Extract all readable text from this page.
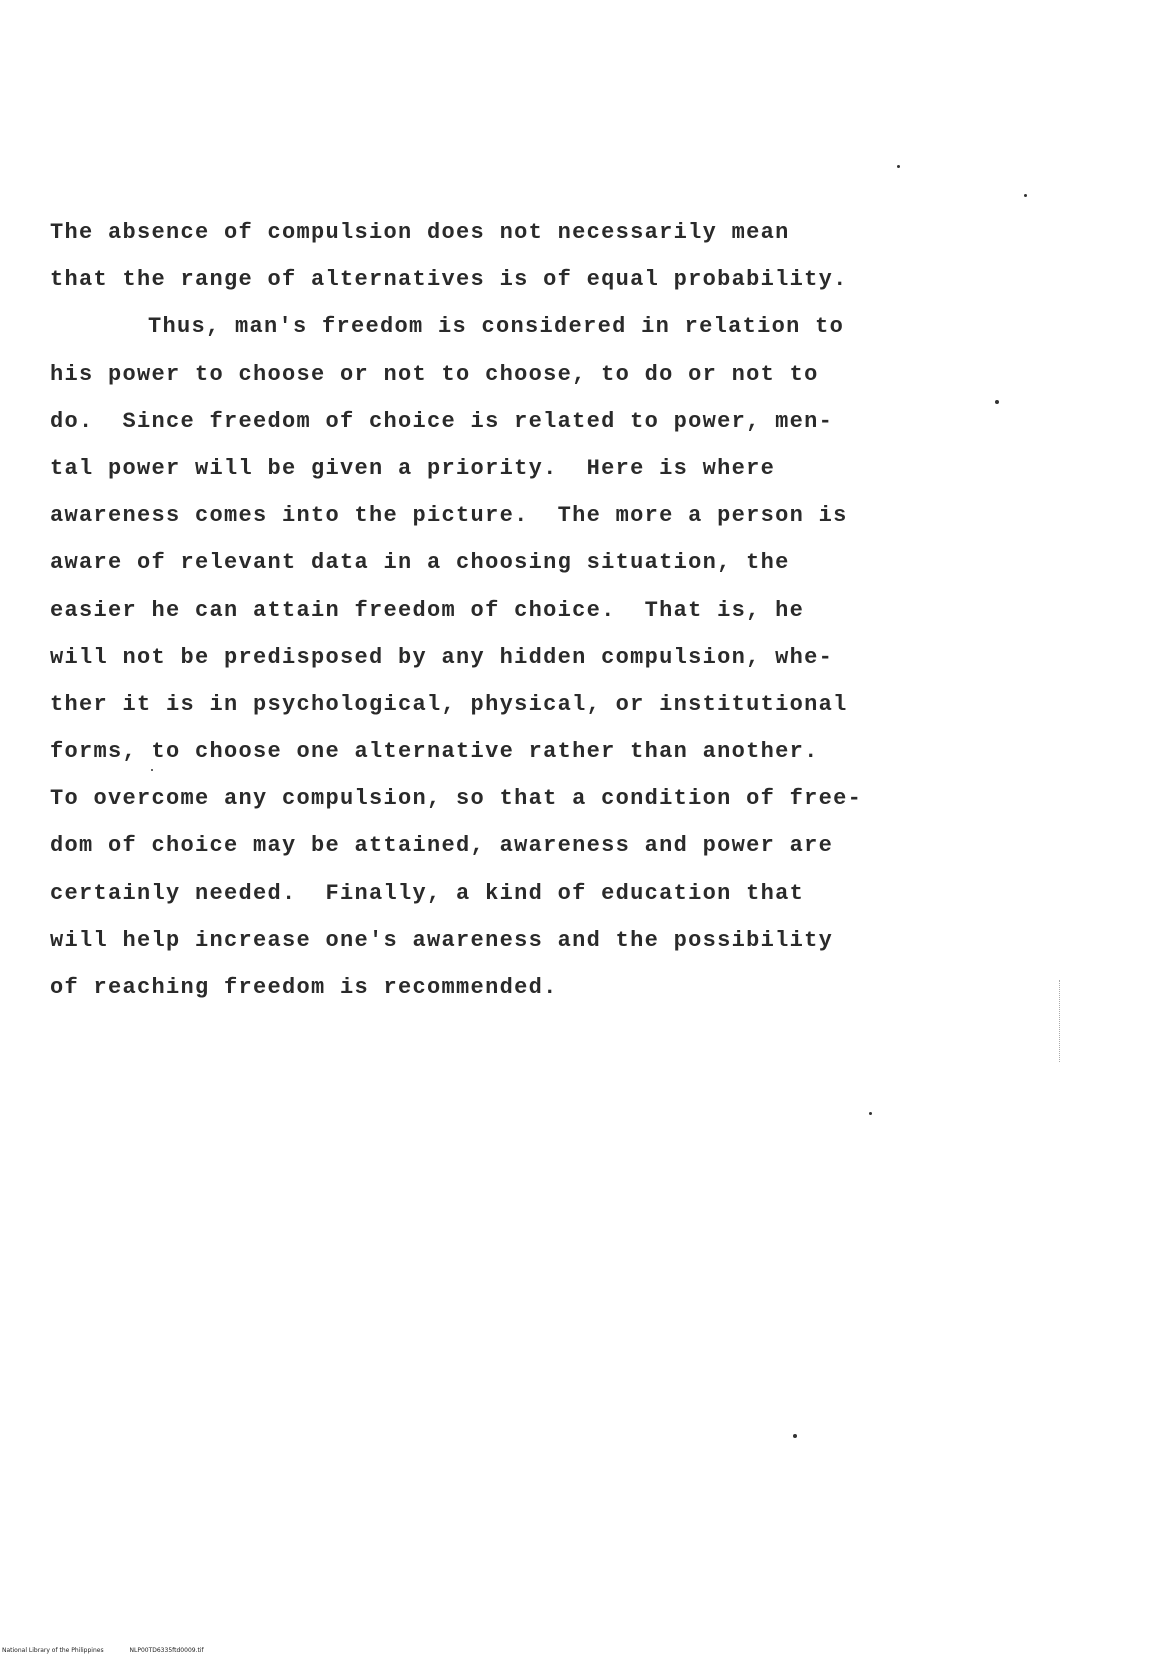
The absence of compulsion does not necessarily mean
that the range of alternatives is of equal probability.
Thus, man's freedom is considered in relation to
his power to choose or not to choose, to do or not to
do.  Since freedom of choice is related to power, men-
tal power will be given a priority.  Here is where
awareness comes into the picture.  The more a person is
aware of relevant data in a choosing situation, the
easier he can attain freedom of choice.  That is, he
will not be predisposed by any hidden compulsion, whe-
ther it is in psychological, physical, or institutional
forms, to choose one alternative rather than another.
To overcome any compulsion, so that a condition of free-
dom of choice may be attained, awareness and power are
certainly needed.  Finally, a kind of education that
will help increase one's awareness and the possibility
of reaching freedom is recommended.
National Library of the Philippines	NLP00TD6335ftd0009.tif
